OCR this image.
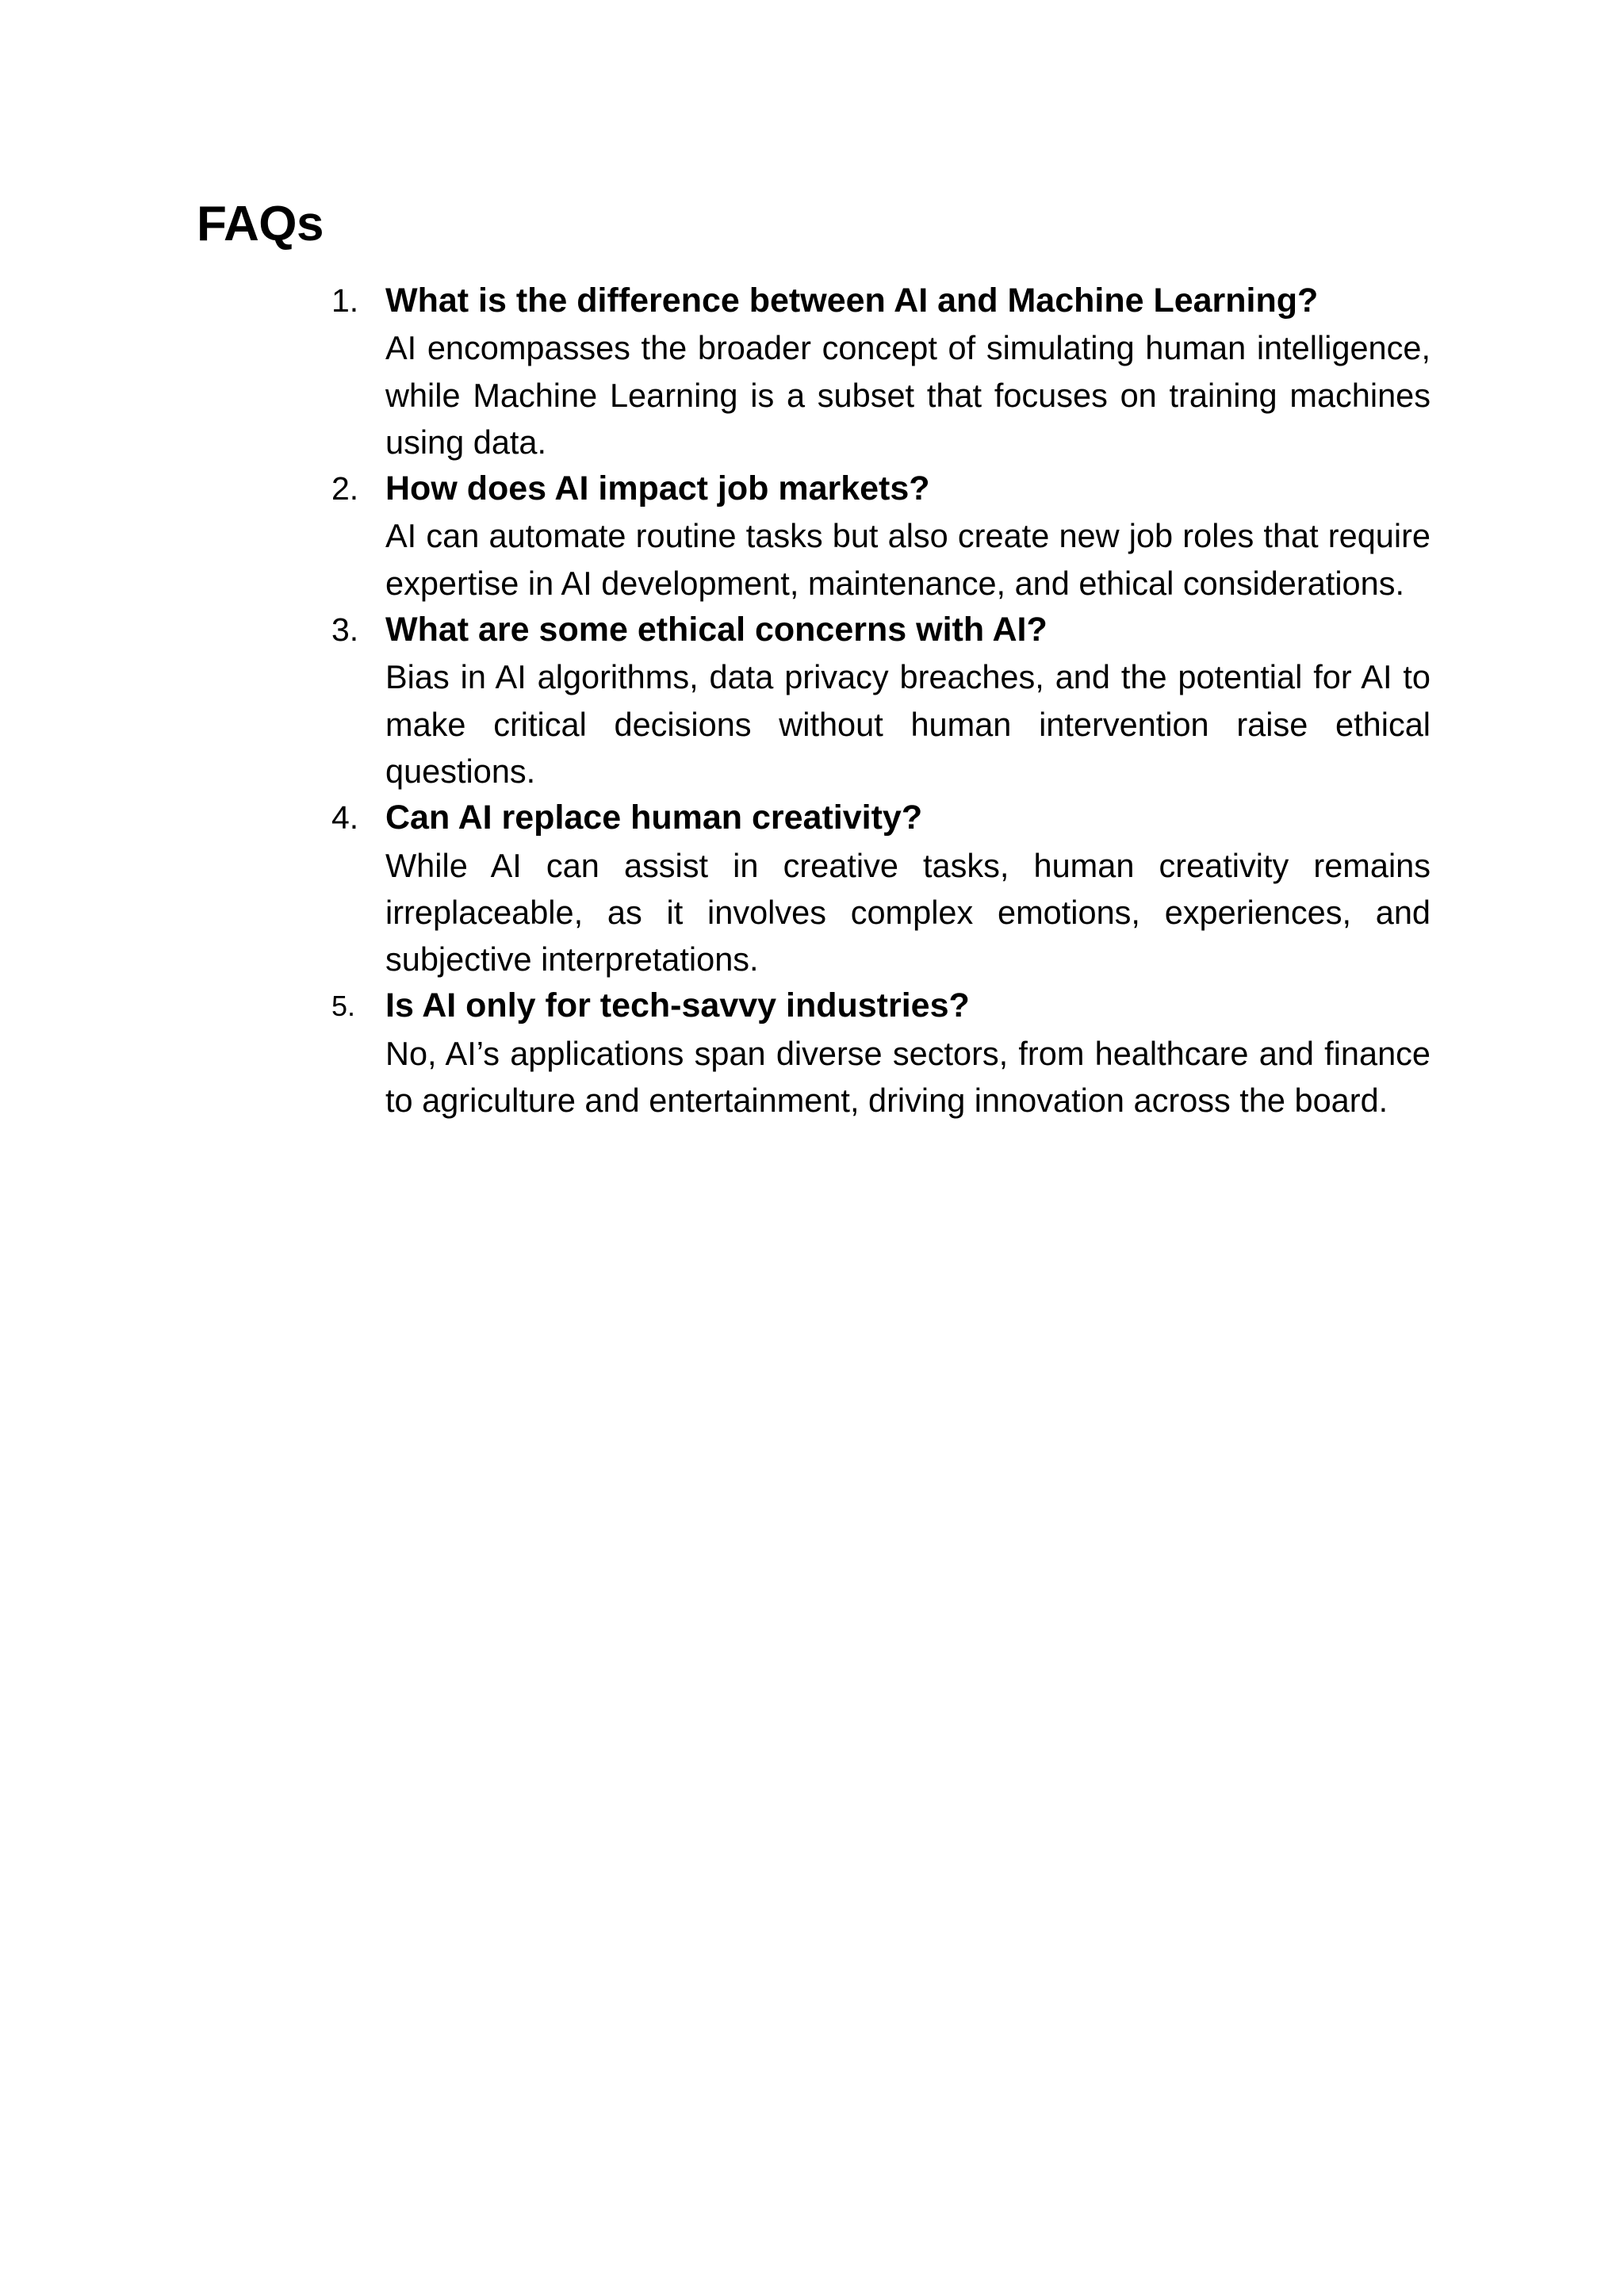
FAQs
1. What is the difference between AI and Machine Learning?
AI encompasses the broader concept of simulating human intelligence, while Machine Learning is a subset that focuses on training machines using data.
2. How does AI impact job markets?
AI can automate routine tasks but also create new job roles that require expertise in AI development, maintenance, and ethical considerations.
3. What are some ethical concerns with AI?
Bias in AI algorithms, data privacy breaches, and the potential for AI to make critical decisions without human intervention raise ethical questions.
4. Can AI replace human creativity?
While AI can assist in creative tasks, human creativity remains irreplaceable, as it involves complex emotions, experiences, and subjective interpretations.
5. Is AI only for tech-savvy industries?
No, AI’s applications span diverse sectors, from healthcare and finance to agriculture and entertainment, driving innovation across the board.
